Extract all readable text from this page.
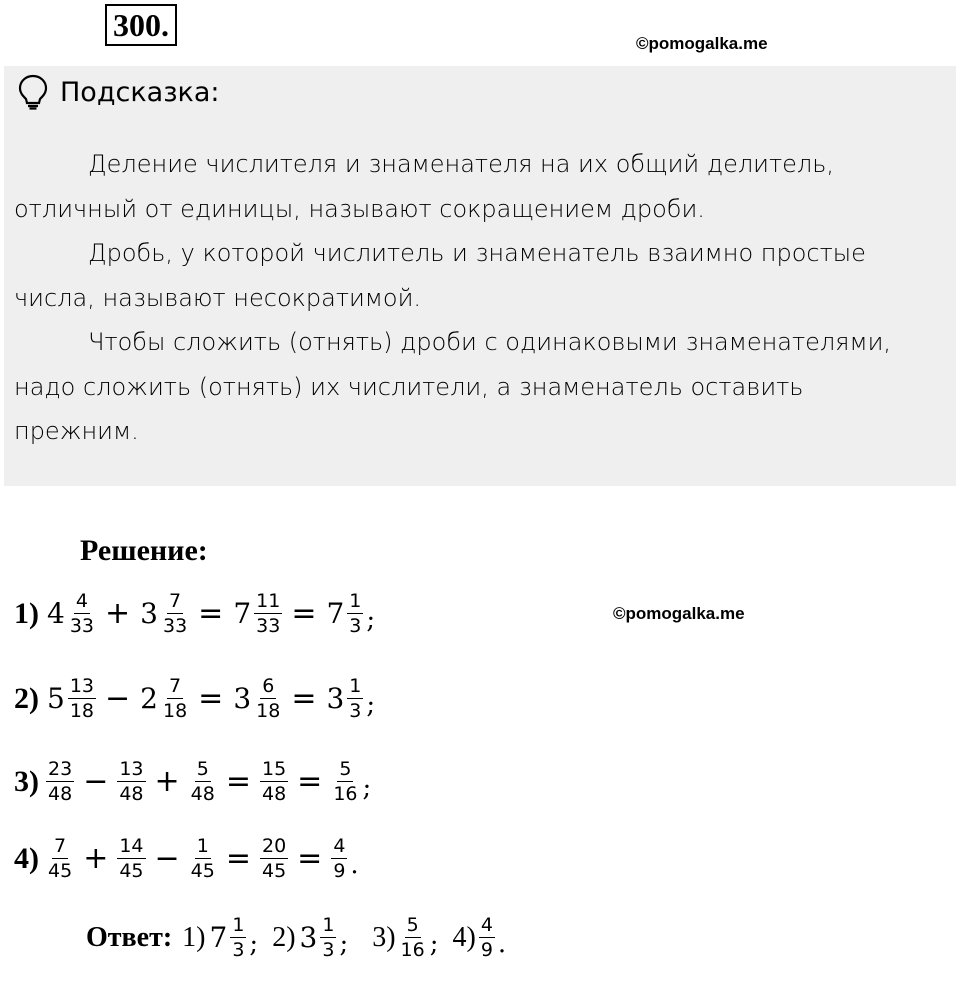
300.
©pomogalka.me
Подсказка:

Деление числителя и знаменателя на их общий делитель, отличный от единицы, называют сокращением дроби.

Дробь, у которой числитель и знаменатель взаимно простые числа, называют несократимой.

Чтобы сложить (отнять) дроби с одинаковыми знаменателями, надо сложить (отнять) их числители, а знаменатель оставить прежним.

Решение:
©pomogalka.me
1) $4 \frac{4}{33} + 3 \frac{7}{33} = 7 \frac{11}{33} = 7 \frac{1}{3}$ ;
2) $5 \frac{13}{18} - 2 \frac{7}{18} = 3 \frac{6}{18} = 3 \frac{1}{3}$ ;
$3) \frac{23}{48} - \frac{13}{48} + \frac{5}{48} = \frac{15}{48} = \frac{5}{16}$ ;
$4) \frac{7}{45} + \frac{14}{45} - \frac{1}{45} = \frac{20}{45} = \frac{4}{9}$ .
Ответ: 1) $7 \frac{1}{3}$ ; 2) $3 \frac{1}{3}$ ; $3) \frac{5}{16}$ ; $4) \frac{4}{9}$ .
